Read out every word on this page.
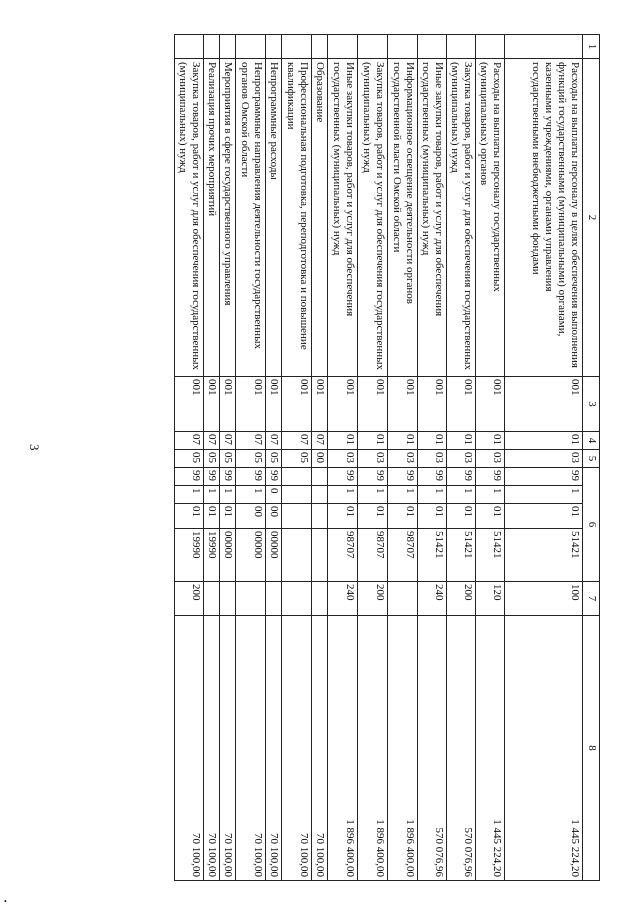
3
•
1	2	3	4	5	6				7	8
	Расходы на выплаты персоналу в целях обеспечения выполнения функций государственными (муниципальными) органами, казенными учреждениями, органами управления государственными внебюджетными фондами	001	01	03	99	1	01	51421	100	1 445 224,20
	Расходы на выплаты персоналу государственных (муниципальных) органов	001	01	03	99	1	01	51421	120	1 445 224,20
	Закупка товаров, работ и услуг для обеспечения государственных (муниципальных) нужд	001	01	03	99	1	01	51421	200	570 076,96
	Иные закупки товаров, работ и услуг для обеспечения государственных (муниципальных) нужд	001	01	03	99	1	01	51421	240	570 076,96
	Информационное освещение деятельности органов государственной власти Омской области	001	01	03	99	1	01	98707		1 896 400,00
	Закупка товаров, работ и услуг для обеспечения государственных (муниципальных) нужд	001	01	03	99	1	01	98707	200	1 896 400,00
	Иные закупки товаров, работ и услуг для обеспечения государственных (муниципальных) нужд	001	01	03	99	1	01	98707	240	1 896 400,00
	Образование	001	07	00						70 100,00
	Профессиональная подготовка, переподготовка и повышение квалификации	001	07	05						70 100,00
	Непрограммные расходы	001	07	05	99	0	00	00000		70 100,00
	Непрограммные направления деятельности государственных органов Омской области	001	07	05	99	1	00	00000		70 100,00
	Мероприятия в сфере государственного управления	001	07	05	99	1	01	00000		70 100,00
	Реализация прочих мероприятий	001	07	05	99	1	01	19990		70 100,00
	Закупка товаров, работ и услуг для обеспечения государственных (муниципальных) нужд	001	07	05	99	1	01	19990	200	70 100,00
